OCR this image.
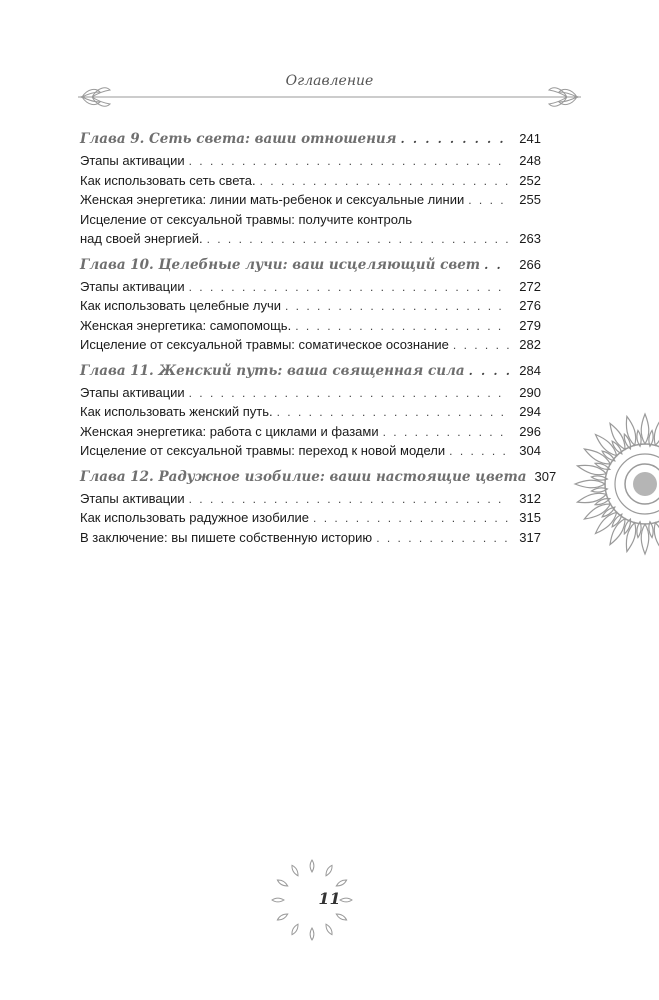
Оглавление
Глава 9. Сеть света: ваши отношения . . .	241
Этапы активации . . .	248
Как использовать сеть света. . . .	252
Женская энергетика: линии мать-ребенок и сексуальные линии . . .	255
Исцеление от сексуальной травмы: получите контроль
над своей энергией. . . .	263
Глава 10. Целебные лучи: ваш исцеляющий свет . . .	266
Этапы активации . . .	272
Как использовать целебные лучи . . .	276
Женская энергетика: самопомощь. . . .	279
Исцеление от сексуальной травмы: соматическое осознание . . .	282
Глава 11. Женский путь: ваша священная сила . . .	284
Этапы активации . . .	290
Как использовать женский путь. . . .	294
Женская энергетика: работа с циклами и фазами . . .	296
Исцеление от сексуальной травмы: переход к новой модели . . .	304
Глава 12. Радужное изобилие: ваши настоящие цвета 307
Этапы активации . . .	312
Как использовать радужное изобилие . . .	315
В заключение: вы пишете собственную историю . . .	317
11
